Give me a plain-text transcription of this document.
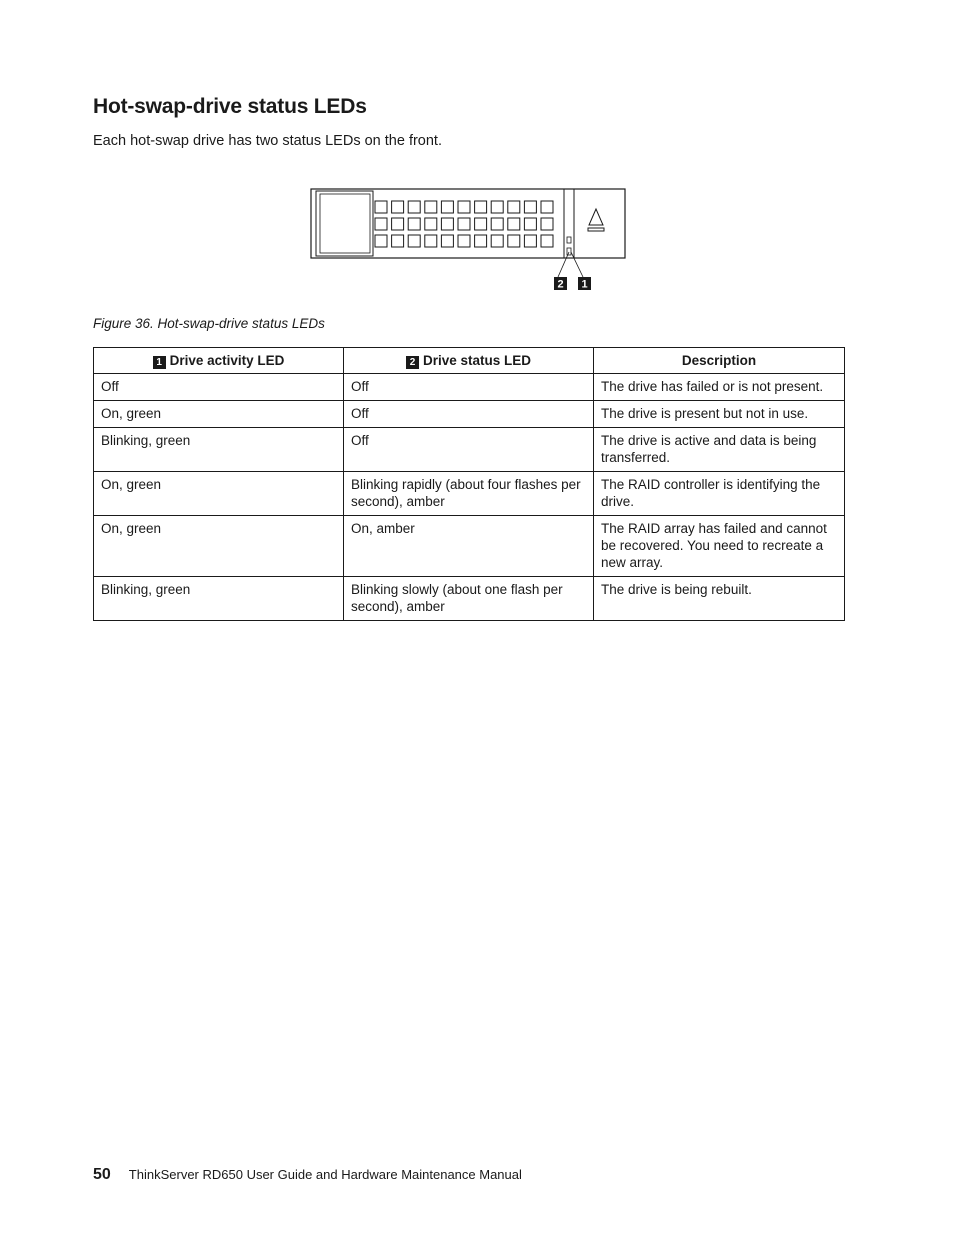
Hot-swap-drive status LEDs

Each hot-swap drive has two status LEDs on the front.

2 1

Figure 36. Hot-swap-drive status LEDs

1 Drive activity LED	2 Drive status LED	Description
Off	Off	The drive has failed or is not present.
On, green	Off	The drive is present but not in use.
Blinking, green	Off	The drive is active and data is being transferred.
On, green	Blinking rapidly (about four flashes per second), amber	The RAID controller is identifying the drive.
On, green	On, amber	The RAID array has failed and cannot be recovered. You need to recreate a new array.
Blinking, green	Blinking slowly (about one flash per second), amber	The drive is being rebuilt.
50 ThinkServer RD650 User Guide and Hardware Maintenance Manual
